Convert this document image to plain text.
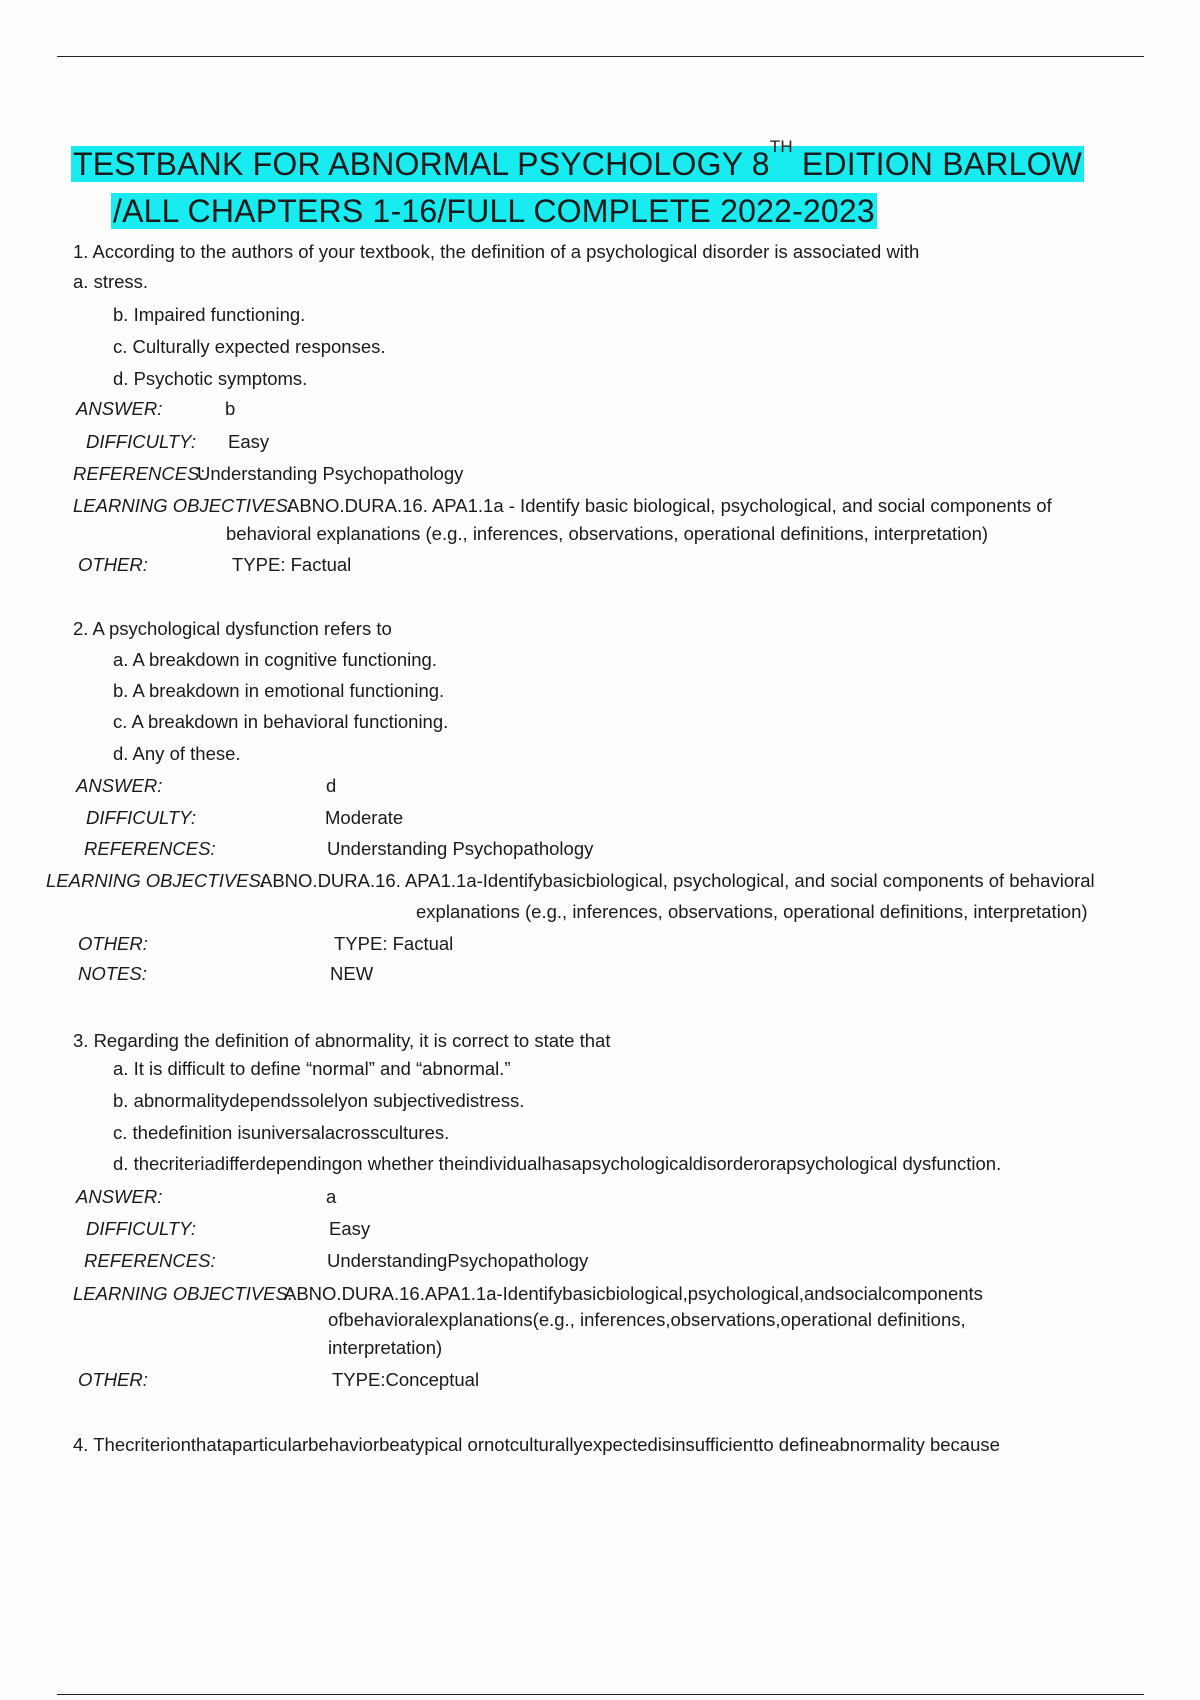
TESTBANK FOR ABNORMAL PSYCHOLOGY 8TH EDITION BARLOW
/ALL CHAPTERS 1-16/FULL COMPLETE 2022-2023
1. According to the authors of your textbook, the definition of a psychological disorder is associated with
a. stress.
b. Impaired functioning.
c. Culturally expected responses.
d. Psychotic symptoms.
ANSWER:	b
DIFFICULTY: Easy
REFERENCES:
Understanding Psychopathology
LEARNING OBJECTIVES:
ABNO.DURA.16. APA1.1a - Identify basic biological, psychological, and social components of
behavioral explanations (e.g., inferences, observations, operational definitions, interpretation)
OTHER:	TYPE: Factual
2. A psychological dysfunction refers to
a. A breakdown in cognitive functioning.
b. A breakdown in emotional functioning.
c. A breakdown in behavioral functioning.
d. Any of these.
ANSWER:	d
DIFFICULTY:	Moderate
REFERENCES:	Understanding Psychopathology
LEARNING OBJECTIVES:
ABNO.DURA.16. APA1.1a-Identifybasicbiological, psychological, and social components of behavioral
explanations (e.g., inferences, observations, operational definitions, interpretation)
OTHER:	TYPE: Factual
NOTES:	NEW
3. Regarding the definition of abnormality, it is correct to state that
a. It is difficult to define “normal” and “abnormal.”
b. abnormalitydependssolelyon subjectivedistress.
c. thedefinition isuniversalacrosscultures.
d. thecriteriadifferdependingon whether theindividualhasapsychologicaldisorderorapsychological dysfunction.
ANSWER:	a
DIFFICULTY:	Easy
REFERENCES:	UnderstandingPsychopathology
LEARNING OBJECTIVES:
ABNO.DURA.16.APA1.1a-Identifybasicbiological,psychological,andsocialcomponents
ofbehavioralexplanations(e.g., inferences,observations,operational definitions,
interpretation)
OTHER:	TYPE:Conceptual
4. Thecriterionthataparticularbehaviorbeatypical ornotculturallyexpectedisinsufficientto defineabnormality because
